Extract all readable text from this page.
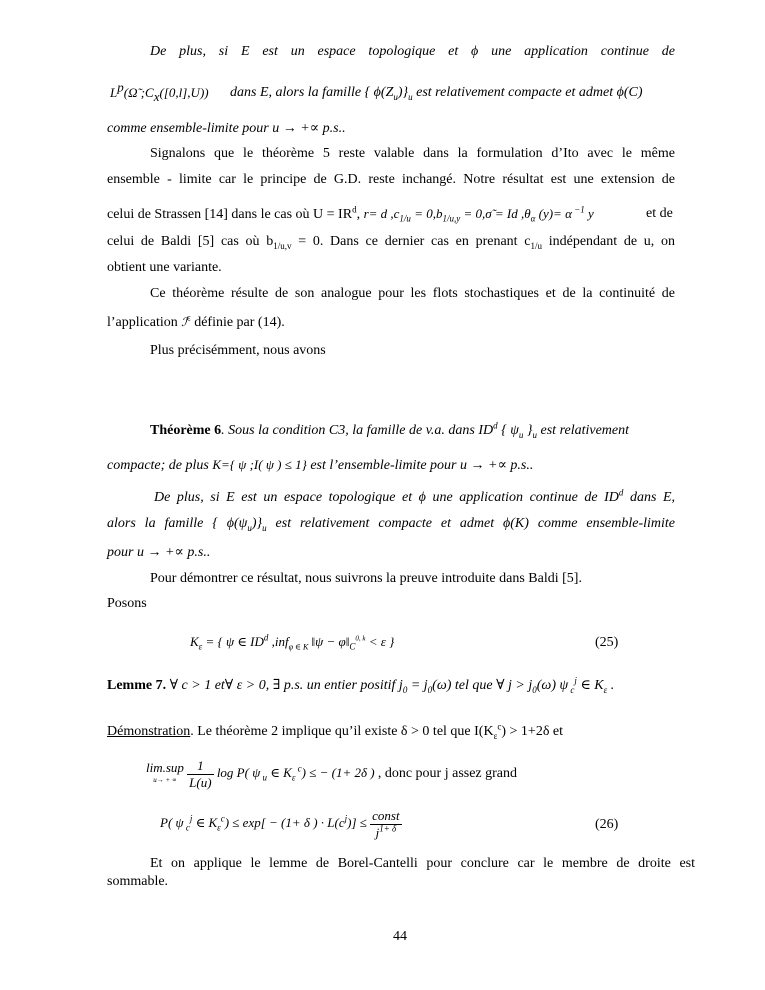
De plus, si E est un espace topologique et ϕ une application continue de
$L^p(\Omegã$ $;C_x([0,l],U)$) dans E, alors la famille { $\phi(Z_u)\}_u$ est relativement compacte et admet ϕ(C)
comme ensemble-limite pour u → +∝ p.s..
Signalons que le théorème 5 reste valable dans la formulation d’Ito avec le même
ensemble - limite car le principe de G.D. reste inchangé. Notre résultat est une extension de
celui de Strassen [14] dans le cas où $U = IR^d$, r= d $,c_{1/u} = 0,b_{1/u,y}$ = 0,σ̃ = Id $,\theta_\alpha$ (y)= α $^{-1}$ y	et de
celui de Baldi [5] cas où $b_{1/u,v} = 0$. Dans ce dernier cas en prenant $c_{1/u}$ indépendant de u, on
obtient une variante.
Ce théorème résulte de son analogue pour les flots stochastiques et de la continuité de
l’application ℐ$^\varepsilon$ définie par (14).
Plus précisémment, nous avons
Théorème 6. Sous la condition C3, la famille de v.a. dans $ID^d$ { $\psi_u$ }$_u$ est relativement
compacte; de plus K={ ψ ;I( ψ ) ≤ 1} est l’ensemble-limite pour u → +∝ p.s..
De plus, si E est un espace topologique et ϕ une application continue de $ID^d$ dans E,
alors la famille { $\phi(\psi_u)\}_u$ est relativement compacte et admet ϕ(K) comme ensemble-limite
pour u → +∝ p.s..
Pour démontrer ce résultat, nous suivrons la preuve introduite dans Baldi [5].
Posons
$K_\varepsilon$ = { ψ ∈ $ID^d$ ,inf$_{\varphi \in K}$ ‖ψ − $\varphi‖_C^{0, k} < \varepsilon$ }	(25)
Lemme 7. ∀ c > 1 et∀ ε > 0, ∃ p.s. un entier positif $j_0 = j_0(\omega)$ tel que ∀ $j > j_0(\omega)$ ψ $_c^j$ ∈ $K_\varepsilon$ .
Démonstration. Le théorème 2 implique qu’il existe δ > 0 tel que $I(K_\varepsilon^c) > 1+2\delta$ et
lim.sup
u→ + ∝
$\frac{1}{L(u)}$ log P( ψ $_u$ ∈ $K_\varepsilon$ $^c$) ≤ − (1+ 2δ ) , donc pour j assez grand
P( ψ $_c^j$ ∈ $K_\varepsilon^c) \le \exp[ - (1+ \delta$ ) · $L(c^j)] \le \frac{\text{const}}{j^{1+ \delta}}$	(26)
Et on applique le lemme de Borel-Cantelli pour conclure car le membre de droite est
sommable.
44
